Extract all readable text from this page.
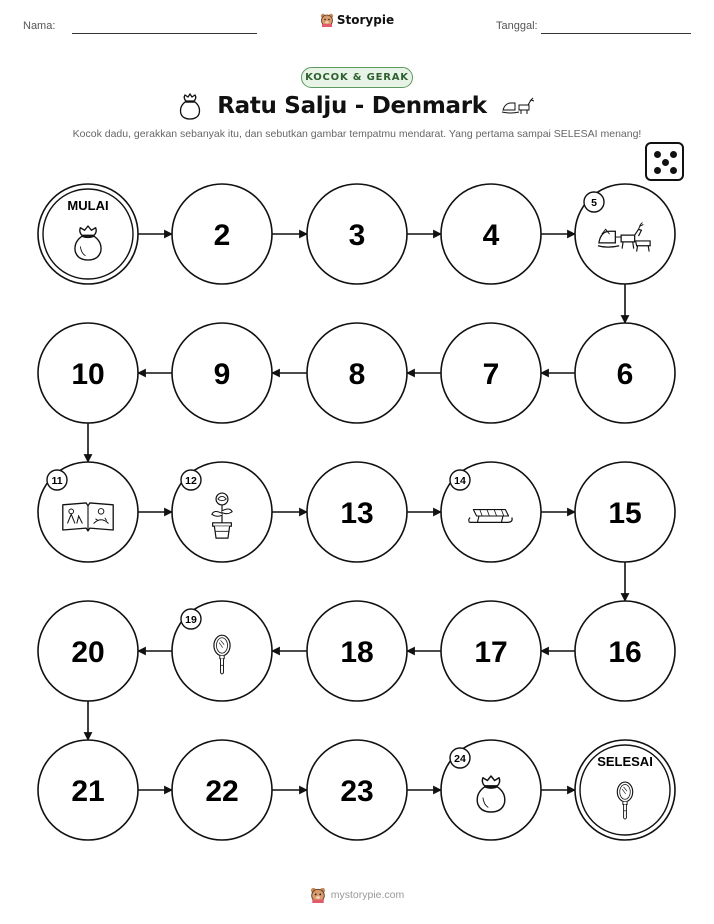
Nama:	Storypie	Tanggal:
KOCOK & GERAK
Ratu Salju - Denmark
Kocok dadu, gerakkan sebanyak itu, dan sebutkan gambar tempatmu mendarat. Yang pertama sampai SELESAI menang!
MULAI
2	3	4
5
6
7
8
9
10
11	12
13
14
15
16
17
18
19
20
21	22	23
24	SELESAI
mystorypie.com
